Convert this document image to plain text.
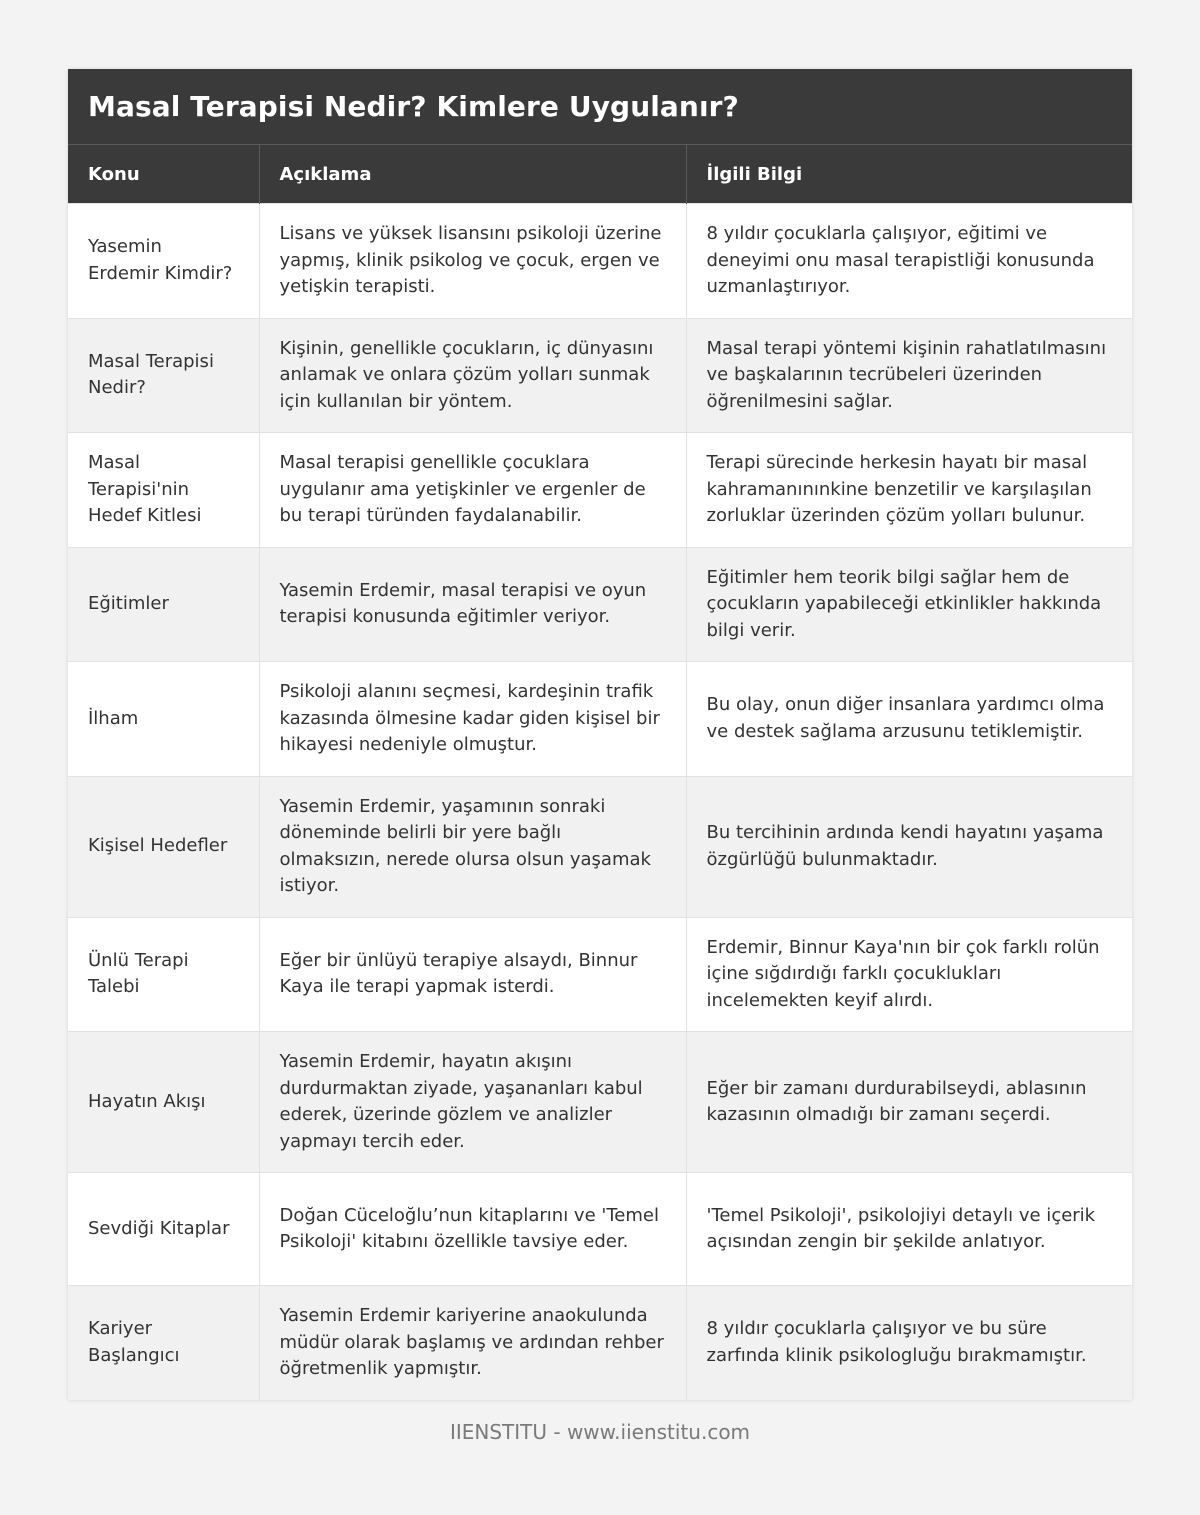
Masal Terapisi Nedir? Kimlere Uygulanır?
Konu	Açıklama	İlgili Bilgi
Yasemin Erdemir Kimdir?	Lisans ve yüksek lisansını psikoloji üzerine yapmış, klinik psikolog ve çocuk, ergen ve yetişkin terapisti.	8 yıldır çocuklarla çalışıyor, eğitimi ve deneyimi onu masal terapistliği konusunda uzmanlaştırıyor.
Masal Terapisi Nedir?	Kişinin, genellikle çocukların, iç dünyasını anlamak ve onlara çözüm yolları sunmak için kullanılan bir yöntem.	Masal terapi yöntemi kişinin rahatlatılmasını ve başkalarının tecrübeleri üzerinden öğrenilmesini sağlar.
Masal Terapisi'nin Hedef Kitlesi	Masal terapisi genellikle çocuklara uygulanır ama yetişkinler ve ergenler de bu terapi türünden faydalanabilir.	Terapi sürecinde herkesin hayatı bir masal kahramanınınkine benzetilir ve karşılaşılan zorluklar üzerinden çözüm yolları bulunur.
Eğitimler	Yasemin Erdemir, masal terapisi ve oyun terapisi konusunda eğitimler veriyor.	Eğitimler hem teorik bilgi sağlar hem de çocukların yapabileceği etkinlikler hakkında bilgi verir.
İlham	Psikoloji alanını seçmesi, kardeşinin trafik kazasında ölmesine kadar giden kişisel bir hikayesi nedeniyle olmuştur.	Bu olay, onun diğer insanlara yardımcı olma ve destek sağlama arzusunu tetiklemiştir.
Kişisel Hedefler	Yasemin Erdemir, yaşamının sonraki döneminde belirli bir yere bağlı olmaksızın, nerede olursa olsun yaşamak istiyor.	Bu tercihinin ardında kendi hayatını yaşama özgürlüğü bulunmaktadır.
Ünlü Terapi Talebi	Eğer bir ünlüyü terapiye alsaydı, Binnur Kaya ile terapi yapmak isterdi.	Erdemir, Binnur Kaya'nın bir çok farklı rolün içine sığdırdığı farklı çocuklukları incelemekten keyif alırdı.
Hayatın Akışı	Yasemin Erdemir, hayatın akışını durdurmaktan ziyade, yaşananları kabul ederek, üzerinde gözlem ve analizler yapmayı tercih eder.	Eğer bir zamanı durdurabilseydi, ablasının kazasının olmadığı bir zamanı seçerdi.
Sevdiği Kitaplar	Doğan Cüceloğlu’nun kitaplarını ve 'Temel Psikoloji' kitabını özellikle tavsiye eder.	'Temel Psikoloji', psikolojiyi detaylı ve içerik açısından zengin bir şekilde anlatıyor.
Kariyer Başlangıcı	Yasemin Erdemir kariyerine anaokulunda müdür olarak başlamış ve ardından rehber öğretmenlik yapmıştır.	8 yıldır çocuklarla çalışıyor ve bu süre zarfında klinik psikologluğu bırakmamıştır.
IIENSTITU - www.iienstitu.com
